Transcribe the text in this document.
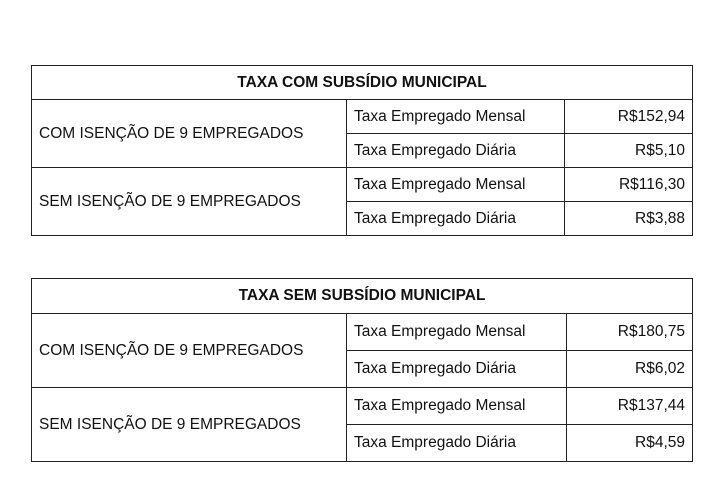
TAXA COM SUBSÍDIO MUNICIPAL		
COM ISENÇÃO DE 9 EMPREGADOS	Taxa Empregado Mensal	R$152,94
	Taxa Empregado Diária	R$5,10
SEM ISENÇÃO DE 9 EMPREGADOS	Taxa Empregado Mensal	R$116,30
	Taxa Empregado Diária	R$3,88
TAXA SEM SUBSÍDIO MUNICIPAL		
COM ISENÇÃO DE 9 EMPREGADOS	Taxa Empregado Mensal	R$180,75
	Taxa Empregado Diária	R$6,02
SEM ISENÇÃO DE 9 EMPREGADOS	Taxa Empregado Mensal	R$137,44
	Taxa Empregado Diária	R$4,59
